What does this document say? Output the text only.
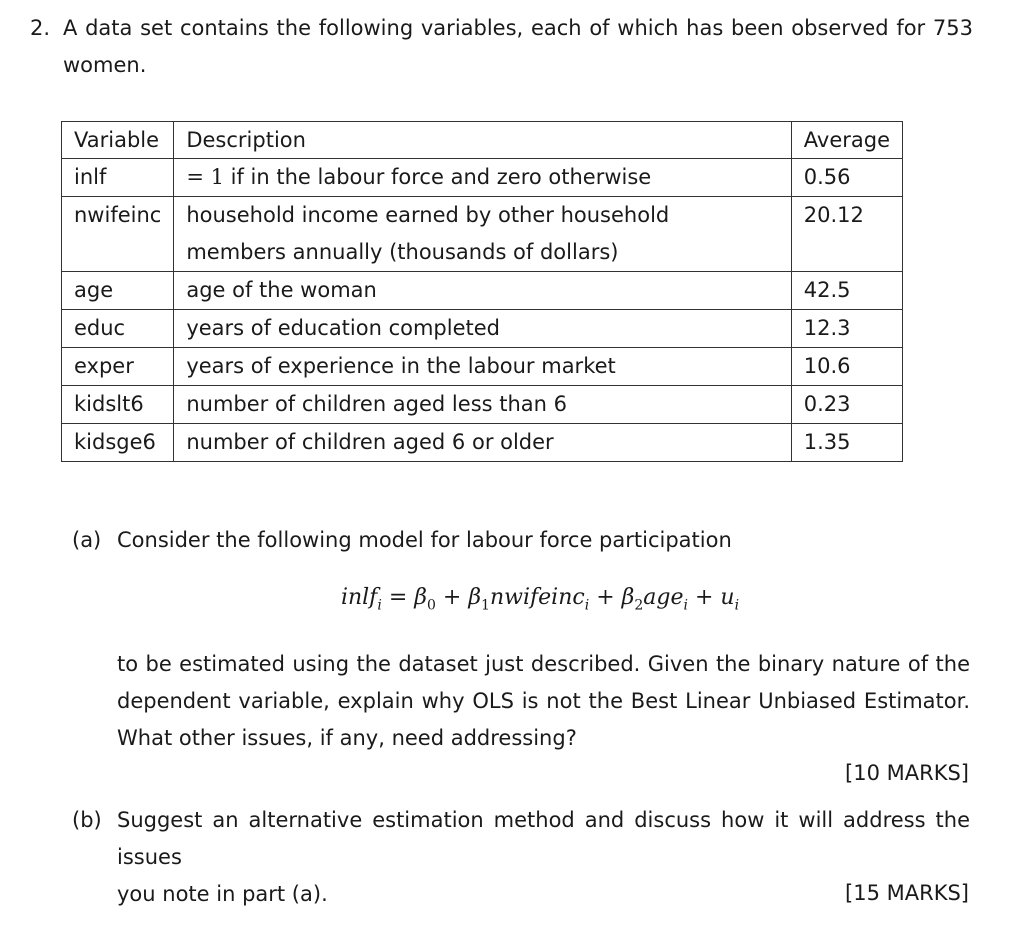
2. A data set contains the following variables, each of which has been observed for 753
women.
Variable	Description	Average
inlf	= 1 if in the labour force and zero otherwise	0.56
nwifeinc	household income earned by other household
members annually (thousands of dollars)	20.12
age	age of the woman	42.5
educ	years of education completed	12.3
exper	years of experience in the labour market	10.6
kidslt6	number of children aged less than 6	0.23
kidsge6	number of children aged 6 or older	1.35
(a) Consider the following model for labour force participation
inlf$_i$ = $\beta_0$ + $\beta_1nwifeinc_i + \beta_2age_i + u_i$
to be estimated using the dataset just described. Given the binary nature of the
dependent variable, explain why OLS is not the Best Linear Unbiased Estimator.
What other issues, if any, need addressing?
[10 MARKS]
(b) Suggest an alternative estimation method and discuss how it will address the issues
you note in part (a).	[15 MARKS]
